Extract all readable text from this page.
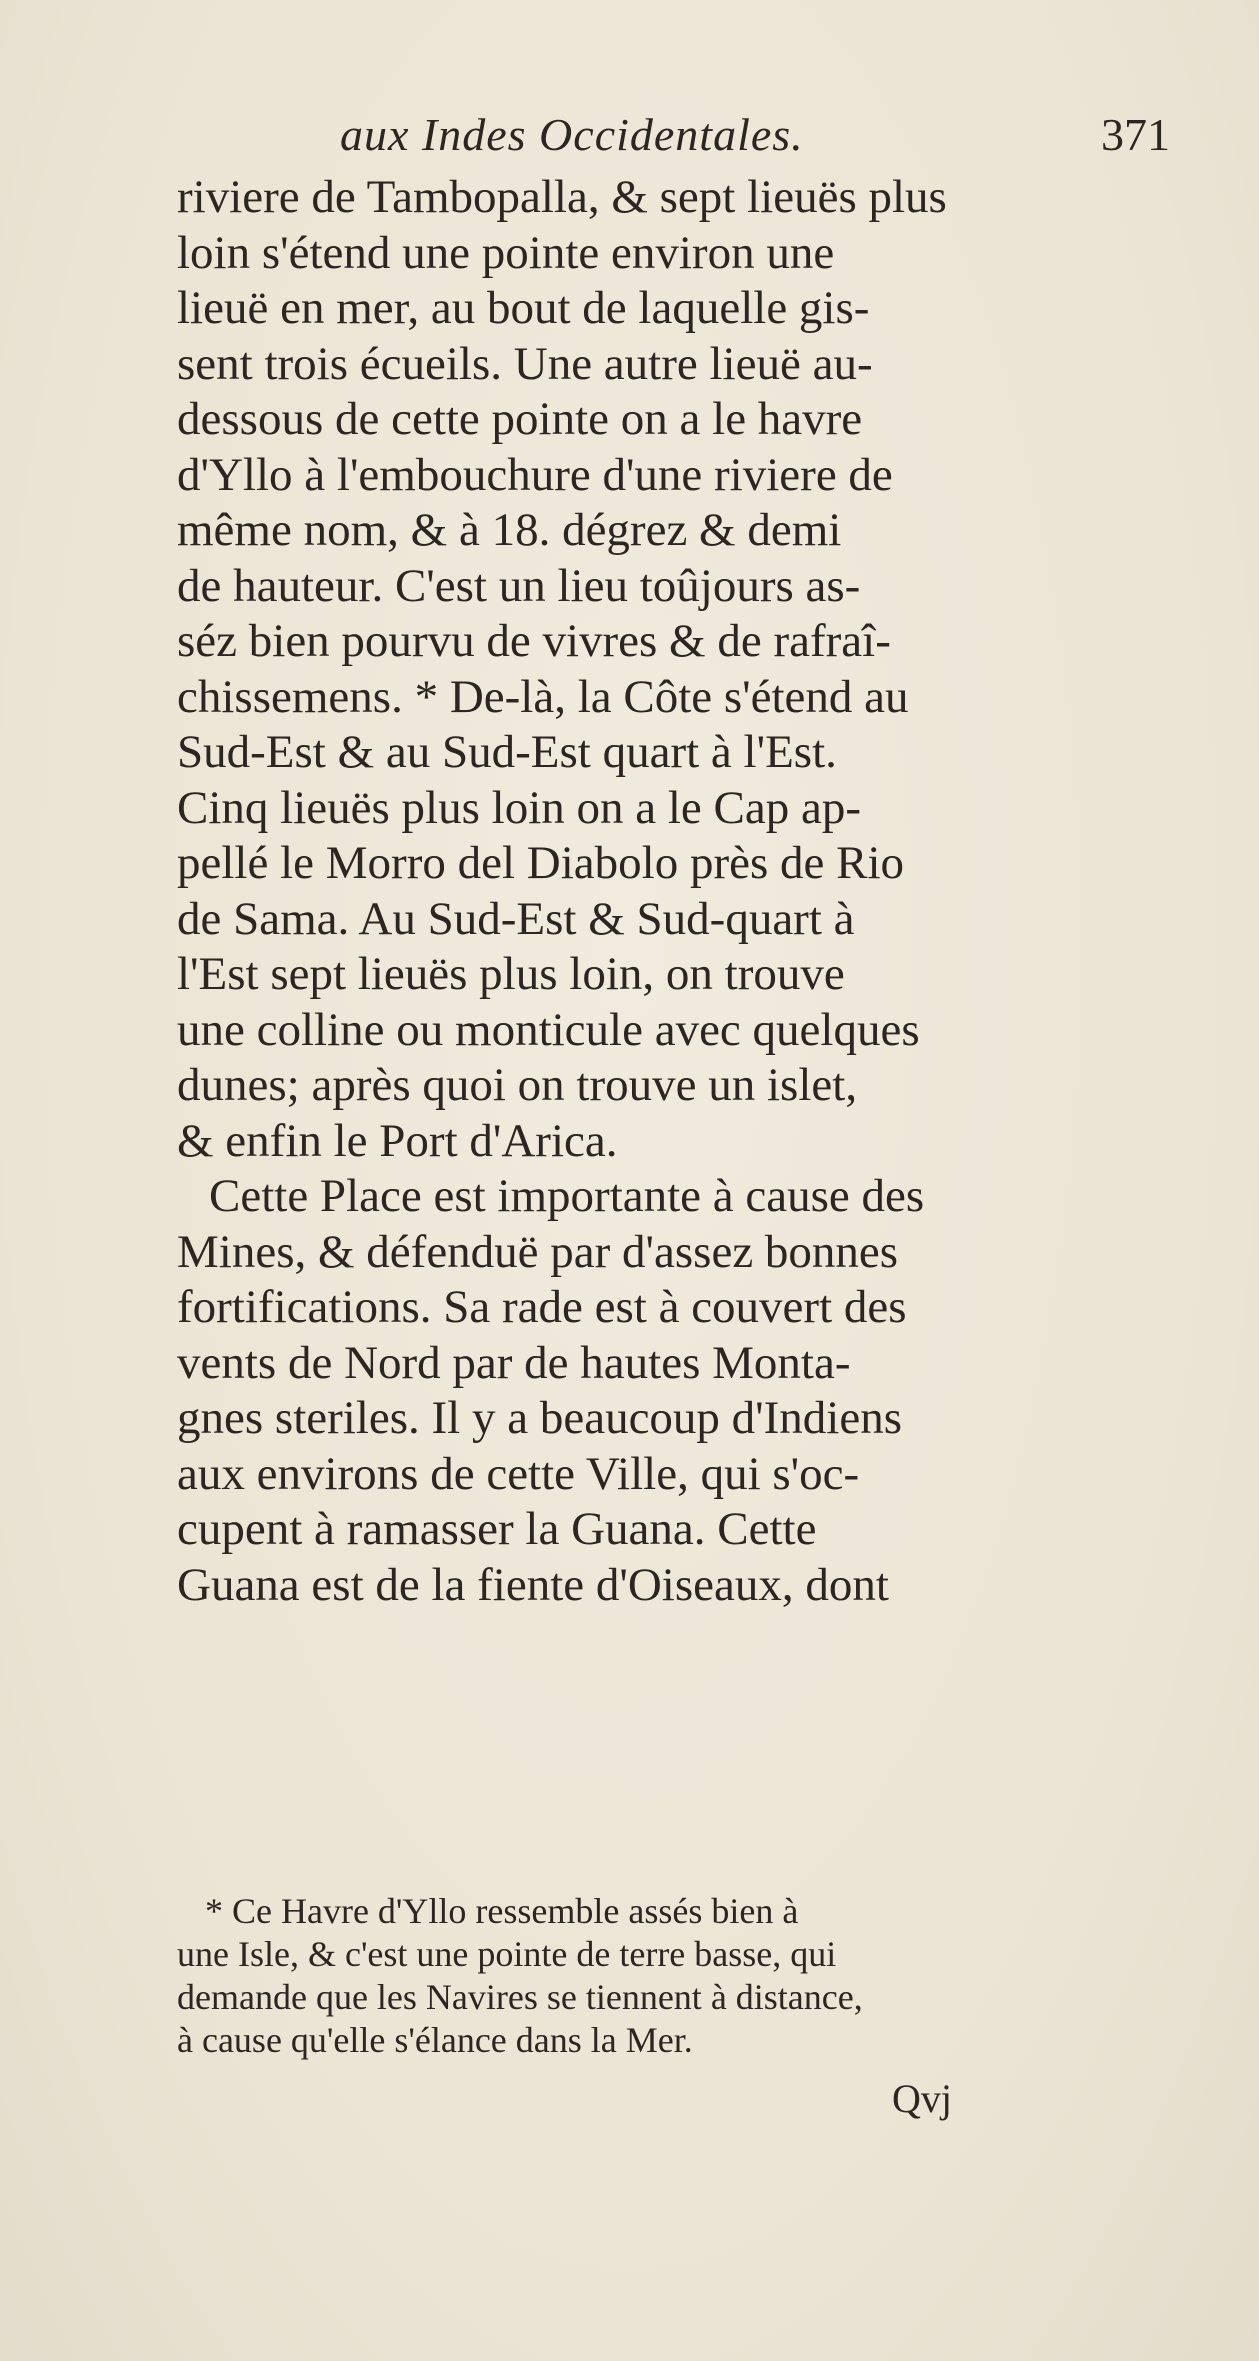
aux Indes Occidentales.	371
riviere de Tambopalla, & sept lieuës plus
loin s'étend une pointe environ une
lieuë en mer, au bout de laquelle gis-
sent trois écueils. Une autre lieuë au-
dessous de cette pointe on a le havre
d'Yllo à l'embouchure d'une riviere de
même nom, & à 18. dégrez & demi
de hauteur. C'est un lieu toûjours as-
séz bien pourvu de vivres & de rafraî-
chissemens. * De-là, la Côte s'étend au
Sud-Est & au Sud-Est quart à l'Est.
Cinq lieuës plus loin on a le Cap ap-
pellé le Morro del Diabolo près de Rio
de Sama. Au Sud-Est & Sud-quart à
l'Est sept lieuës plus loin, on trouve
une colline ou monticule avec quelques
dunes; après quoi on trouve un islet,
& enfin le Port d'Arica.
Cette Place est importante à cause des
Mines, & défenduë par d'assez bonnes
fortifications. Sa rade est à couvert des
vents de Nord par de hautes Monta-
gnes steriles. Il y a beaucoup d'Indiens
aux environs de cette Ville, qui s'oc-
cupent à ramasser la Guana. Cette
Guana est de la fiente d'Oiseaux, dont
* Ce Havre d'Yllo ressemble assés bien à
une Isle, & c'est une pointe de terre basse, qui
demande que les Navires se tiennent à distance,
à cause qu'elle s'élance dans la Mer.
Qvj
